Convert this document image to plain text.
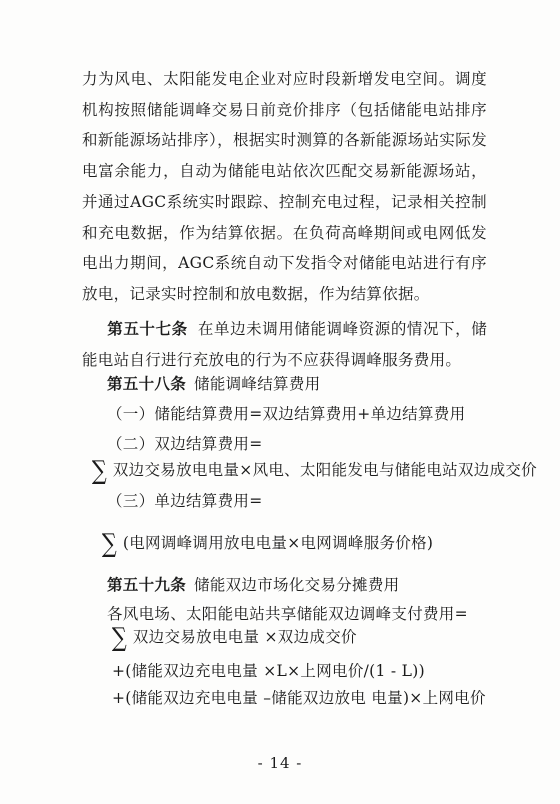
力为风电、太阳能发电企业对应时段新增发电空间。调度机构按照储能调峰交易日前竞价排序（包括储能电站排序和新能源场站排序），根据实时测算的各新能源场站实际发电富余能力，自动为储能电站依次匹配交易新能源场站，并通过AGC系统实时跟踪、控制充电过程，记录相关控制和充电数据，作为结算依据。在负荷高峰期间或电网低发电出力期间，AGC系统自动下发指令对储能电站进行有序放电，记录实时控制和放电数据，作为结算依据。
第五十七条 在单边未调用储能调峰资源的情况下，储能电站自行进行充放电的行为不应获得调峰服务费用。
第五十八条 储能调峰结算费用
（一）储能结算费用=双边结算费用+单边结算费用
（二）双边结算费用=
∑ 双边交易放电电量×风电、太阳能发电与储能电站双边成交价
（三）单边结算费用=
∑ (电网调峰调用放电电量×电网调峰服务价格)
第五十九条 储能双边市场化交易分摊费用
各风电场、太阳能电站共享储能双边调峰支付费用=
∑ 双边交易放电电量 ×双边成交价
+(储能双边充电电量 ×L×上网电价/(1 - L))
+(储能双边充电电量 –储能双边放电 电量)×上网电价
- 14 -
